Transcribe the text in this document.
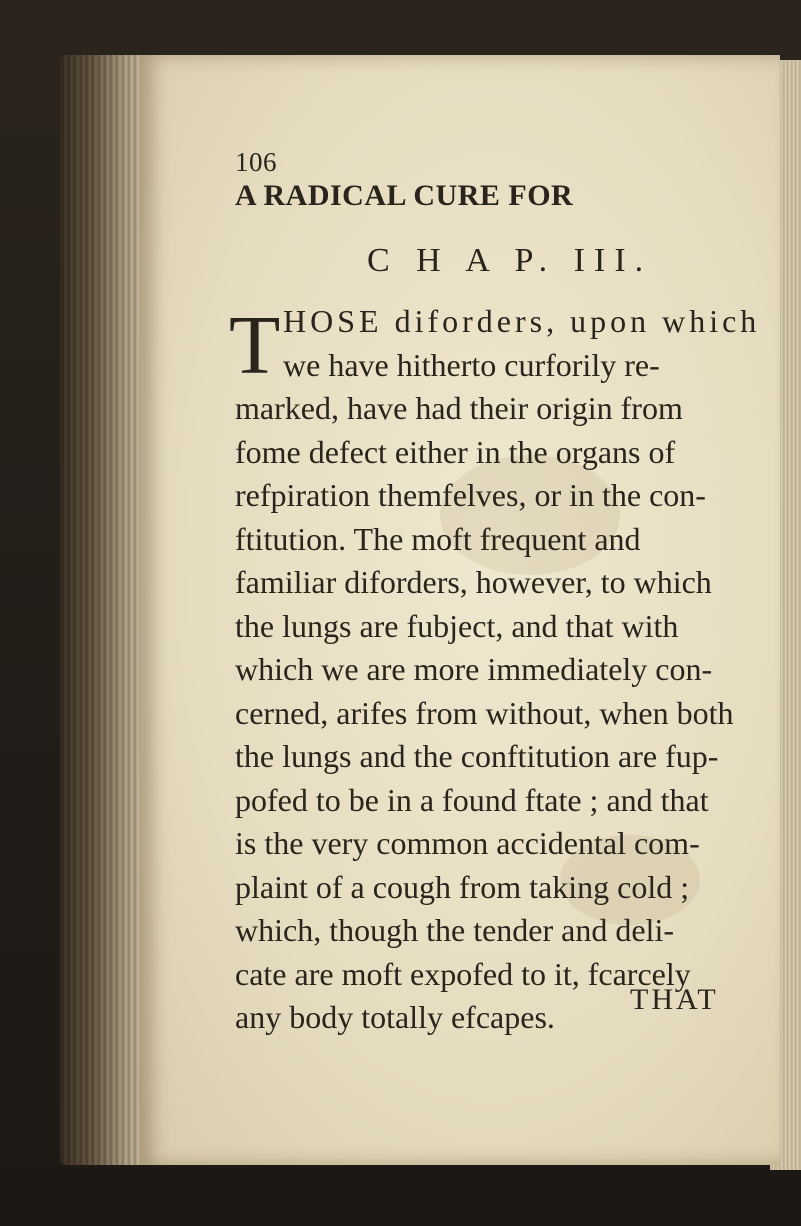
106 A RADICAL CURE FOR
C H A P. III.
T HOSE diforders, upon which
we have hitherto curforily re-
marked, have had their origin from
fome defect either in the organs of
refpiration themfelves, or in the con-
ftitution. The moft frequent and
familiar diforders, however, to which
the lungs are fubject, and that with
which we are more immediately con-
cerned, arifes from without, when both
the lungs and the conftitution are fup-
pofed to be in a found ftate ; and that
is the very common accidental com-
plaint of a cough from taking cold ;
which, though the tender and deli-
cate are moft expofed to it, fcarcely
any body totally efcapes.	THAT
